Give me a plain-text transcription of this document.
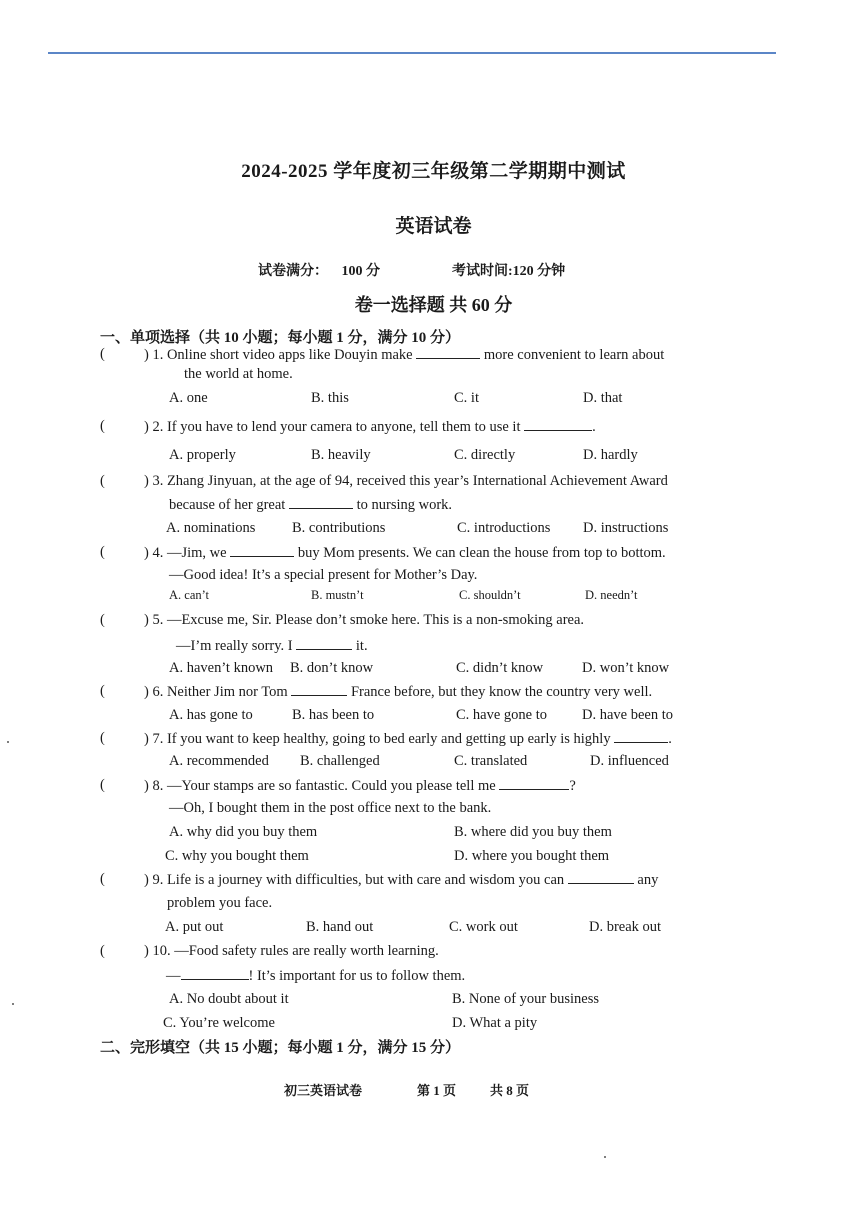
2024-2025 学年度初三年级第二学期期中测试
英语试卷
试卷满分： 100 分	考试时间:120 分钟
卷一选择题 共 60 分
一、单项选择（共 10 小题；每小题 1 分，满分 10 分）
(	) 1. Online short video apps like Douyin make	more convenient to learn about
the world at home.
A. one	B. this	C. it	D. that
(	) 2. If you have to lend your camera to anyone, tell them to use it	.
A. properly	B. heavily	C. directly	D. hardly
(	) 3. Zhang Jinyuan, at the age of 94, received this year’s International Achievement Award
because of her great	to nursing work.
A. nominations	B. contributions	C. introductions D. instructions
(	) 4. —Jim, we	buy Mom presents. We can clean the house from top to bottom.
—Good idea! It’s a special present for Mother’s Day.
A. can’t	B. mustn’t	C. shouldn’t	D. needn’t
(	) 5. —Excuse me, Sir. Please don’t smoke here. This is a non-smoking area.
—I’m really sorry. I	it.
A. haven’t known B. don’t know	C. didn’t know	D. won’t know
(	) 6. Neither Jim nor Tom	France before, but they know the country very well.
A. has gone to	B. has been to	C. have gone to D. have been to
(	) 7. If you want to keep healthy, going to bed early and getting up early is highly	.
A. recommended B. challenged	C. translated	D. influenced
(	) 8. —Your stamps are so fantastic. Could you please tell me	?
—Oh, I bought them in the post office next to the bank.
A. why did you buy them	B. where did you buy them
C. why you bought them	D. where you bought them
(	) 9. Life is a journey with difficulties, but with care and wisdom you can	any
problem you face.
A. put out	B. hand out	C. work out	D. break out
(	) 10. —Food safety rules are really worth learning.
—	! It’s important for us to follow them.
A. No doubt about it	B. None of your business
C. You’re welcome	D. What a pity
二、完形填空（共 15 小题；每小题 1 分，满分 15 分）
初三英语试卷	第 1 页	共 8 页
